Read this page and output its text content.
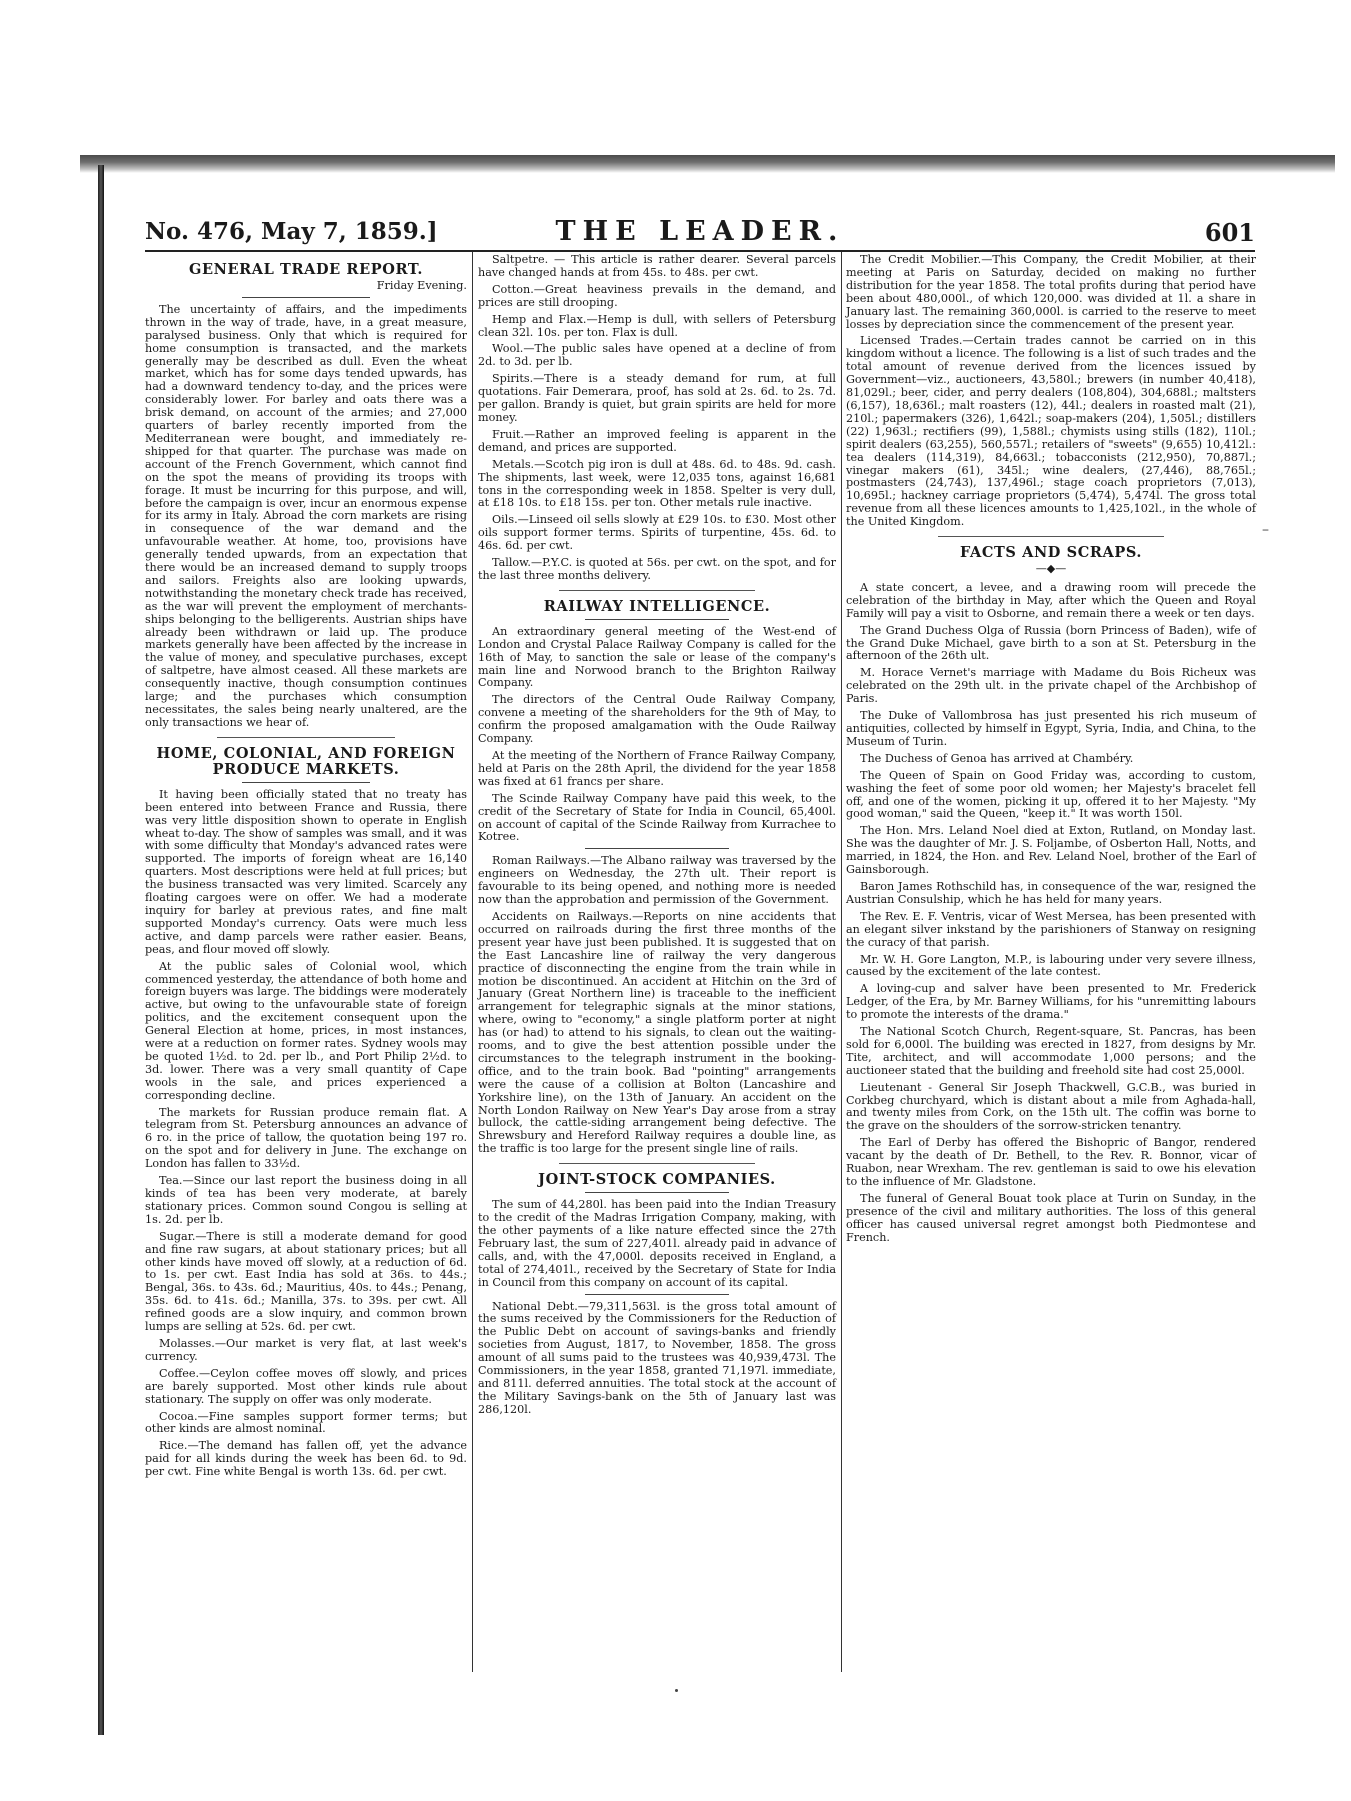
No. 476, May 7, 1859.]	THE LEADER.	601
GENERAL TRADE REPORT.
Friday Evening.

The uncertainty of affairs, and the impediments thrown in the way of trade, have, in a great measure, paralysed business. Only that which is required for home consumption is transacted, and the markets generally may be described as dull. Even the wheat market, which has for some days tended upwards, has had a downward tendency to-day, and the prices were considerably lower. For barley and oats there was a brisk demand, on account of the armies; and 27,000 quarters of barley recently imported from the Mediterranean were bought, and immediately re-shipped for that quarter. The purchase was made on account of the French Government, which cannot find on the spot the means of providing its troops with forage. It must be incurring for this purpose, and will, before the campaign is over, incur an enormous expense for its army in Italy. Abroad the corn markets are rising in consequence of the war demand and the unfavourable weather. At home, too, provisions have generally tended upwards, from an expectation that there would be an increased demand to supply troops and sailors. Freights also are looking upwards, notwithstanding the monetary check trade has received, as the war will prevent the employment of merchants-ships belonging to the belligerents. Austrian ships have already been withdrawn or laid up. The produce markets generally have been affected by the increase in the value of money, and speculative purchases, except of saltpetre, have almost ceased. All these markets are consequently inactive, though consumption continues large; and the purchases which consumption necessitates, the sales being nearly unaltered, are the only transactions we hear of.

HOME, COLONIAL, AND FOREIGN PRODUCE MARKETS.

It having been officially stated that no treaty has been entered into between France and Russia, there was very little disposition shown to operate in English wheat to-day. The show of samples was small, and it was with some difficulty that Monday's advanced rates were supported. The imports of foreign wheat are 16,140 quarters. Most descriptions were held at full prices; but the business transacted was very limited. Scarcely any floating cargoes were on offer. We had a moderate inquiry for barley at previous rates, and fine malt supported Monday's currency. Oats were much less active, and damp parcels were rather easier. Beans, peas, and flour moved off slowly.

At the public sales of Colonial wool, which commenced yesterday, the attendance of both home and foreign buyers was large. The biddings were moderately active, but owing to the unfavourable state of foreign politics, and the excitement consequent upon the General Election at home, prices, in most instances, were at a reduction on former rates. Sydney wools may be quoted 1½d. to 2d. per lb., and Port Philip 2½d. to 3d. lower. There was a very small quantity of Cape wools in the sale, and prices experienced a corresponding decline.

The markets for Russian produce remain flat. A telegram from St. Petersburg announces an advance of 6 ro. in the price of tallow, the quotation being 197 ro. on the spot and for delivery in June. The exchange on London has fallen to 33½d.

Tea.—Since our last report the business doing in all kinds of tea has been very moderate, at barely stationary prices. Common sound Congou is selling at 1s. 2d. per lb.

Sugar.—There is still a moderate demand for good and fine raw sugars, at about stationary prices; but all other kinds have moved off slowly, at a reduction of 6d. to 1s. per cwt. East India has sold at 36s. to 44s.; Bengal, 36s. to 43s. 6d.; Mauritius, 40s. to 44s.; Penang, 35s. 6d. to 41s. 6d.; Manilla, 37s. to 39s. per cwt. All refined goods are a slow inquiry, and common brown lumps are selling at 52s. 6d. per cwt.

Molasses.—Our market is very flat, at last week's currency.

Coffee.—Ceylon coffee moves off slowly, and prices are barely supported. Most other kinds rule about stationary. The supply on offer was only moderate.

Cocoa.—Fine samples support former terms; but other kinds are almost nominal.

Rice.—The demand has fallen off, yet the advance paid for all kinds during the week has been 6d. to 9d. per cwt. Fine white Bengal is worth 13s. 6d. per cwt.

Saltpetre. — This article is rather dearer. Several parcels have changed hands at from 45s. to 48s. per cwt.

Cotton.—Great heaviness prevails in the demand, and prices are still drooping.

Hemp and Flax.—Hemp is dull, with sellers of Petersburg clean 32l. 10s. per ton. Flax is dull.

Wool.—The public sales have opened at a decline of from 2d. to 3d. per lb.

Spirits.—There is a steady demand for rum, at full quotations. Fair Demerara, proof, has sold at 2s. 6d. to 2s. 7d. per gallon. Brandy is quiet, but grain spirits are held for more money.

Fruit.—Rather an improved feeling is apparent in the demand, and prices are supported.

Metals.—Scotch pig iron is dull at 48s. 6d. to 48s. 9d. cash. The shipments, last week, were 12,035 tons, against 16,681 tons in the corresponding week in 1858. Spelter is very dull, at £18 10s. to £18 15s. per ton. Other metals rule inactive.

Oils.—Linseed oil sells slowly at £29 10s. to £30. Most other oils support former terms. Spirits of turpentine, 45s. 6d. to 46s. 6d. per cwt.

Tallow.—P.Y.C. is quoted at 56s. per cwt. on the spot, and for the last three months delivery.

RAILWAY INTELLIGENCE.

An extraordinary general meeting of the West-end of London and Crystal Palace Railway Company is called for the 16th of May, to sanction the sale or lease of the company's main line and Norwood branch to the Brighton Railway Company.

The directors of the Central Oude Railway Company, convene a meeting of the shareholders for the 9th of May, to confirm the proposed amalgamation with the Oude Railway Company.

At the meeting of the Northern of France Railway Company, held at Paris on the 28th April, the dividend for the year 1858 was fixed at 61 francs per share.

The Scinde Railway Company have paid this week, to the credit of the Secretary of State for India in Council, 65,400l. on account of capital of the Scinde Railway from Kurrachee to Kotree.

Roman Railways.—The Albano railway was traversed by the engineers on Wednesday, the 27th ult. Their report is favourable to its being opened, and nothing more is needed now than the approbation and permission of the Government.

Accidents on Railways.—Reports on nine accidents that occurred on railroads during the first three months of the present year have just been published. It is suggested that on the East Lancashire line of railway the very dangerous practice of disconnecting the engine from the train while in motion be discontinued. An accident at Hitchin on the 3rd of January (Great Northern line) is traceable to the inefficient arrangement for telegraphic signals at the minor stations, where, owing to "economy," a single platform porter at night has (or had) to attend to his signals, to clean out the waiting-rooms, and to give the best attention possible under the circumstances to the telegraph instrument in the booking-office, and to the train book. Bad "pointing" arrangements were the cause of a collision at Bolton (Lancashire and Yorkshire line), on the 13th of January. An accident on the North London Railway on New Year's Day arose from a stray bullock, the cattle-siding arrangement being defective. The Shrewsbury and Hereford Railway requires a double line, as the traffic is too large for the present single line of rails.

JOINT-STOCK COMPANIES.

The sum of 44,280l. has been paid into the Indian Treasury to the credit of the Madras Irrigation Company, making, with the other payments of a like nature effected since the 27th February last, the sum of 227,401l. already paid in advance of calls, and, with the 47,000l. deposits received in England, a total of 274,401l., received by the Secretary of State for India in Council from this company on account of its capital.

National Debt.—79,311,563l. is the gross total amount of the sums received by the Commissioners for the Reduction of the Public Debt on account of savings-banks and friendly societies from August, 1817, to November, 1858. The gross amount of all sums paid to the trustees was 40,939,473l. The Commissioners, in the year 1858, granted 71,197l. immediate, and 811l. deferred annuities. The total stock at the account of the Military Savings-bank on the 5th of January last was 286,120l.

The Credit Mobilier.—This Company, the Credit Mobilier, at their meeting at Paris on Saturday, decided on making no further distribution for the year 1858. The total profits during that period have been about 480,000l., of which 120,000. was divided at 1l. a share in January last. The remaining 360,000l. is carried to the reserve to meet losses by depreciation since the commencement of the present year.

Licensed Trades.—Certain trades cannot be carried on in this kingdom without a licence. The following is a list of such trades and the total amount of revenue derived from the licences issued by Government—viz., auctioneers, 43,580l.; brewers (in number 40,418), 81,029l.; beer, cider, and perry dealers (108,804), 304,688l.; maltsters (6,157), 18,636l.; malt roasters (12), 44l.; dealers in roasted malt (21), 210l.; papermakers (326), 1,642l.; soap-makers (204), 1,505l.; distillers (22) 1,963l.; rectifiers (99), 1,588l.; chymists using stills (182), 110l.; spirit dealers (63,255), 560,557l.; retailers of "sweets" (9,655) 10,412l.: tea dealers (114,319), 84,663l.; tobacconists (212,950), 70,887l.; vinegar makers (61), 345l.; wine dealers, (27,446), 88,765l.; postmasters (24,743), 137,496l.; stage coach proprietors (7,013), 10,695l.; hackney carriage proprietors (5,474), 5,474l. The gross total revenue from all these licences amounts to 1,425,102l., in the whole of the United Kingdom.

FACTS AND SCRAPS.
—◆—

A state concert, a levee, and a drawing room will precede the celebration of the birthday in May, after which the Queen and Royal Family will pay a visit to Osborne, and remain there a week or ten days.

The Grand Duchess Olga of Russia (born Princess of Baden), wife of the Grand Duke Michael, gave birth to a son at St. Petersburg in the afternoon of the 26th ult.

M. Horace Vernet's marriage with Madame du Bois Richeux was celebrated on the 29th ult. in the private chapel of the Archbishop of Paris.

The Duke of Vallombrosa has just presented his rich museum of antiquities, collected by himself in Egypt, Syria, India, and China, to the Museum of Turin.

The Duchess of Genoa has arrived at Chambéry.

The Queen of Spain on Good Friday was, according to custom, washing the feet of some poor old women; her Majesty's bracelet fell off, and one of the women, picking it up, offered it to her Majesty. "My good woman," said the Queen, "keep it." It was worth 150l.

The Hon. Mrs. Leland Noel died at Exton, Rutland, on Monday last. She was the daughter of Mr. J. S. Foljambe, of Osberton Hall, Notts, and married, in 1824, the Hon. and Rev. Leland Noel, brother of the Earl of Gainsborough.

Baron James Rothschild has, in consequence of the war, resigned the Austrian Consulship, which he has held for many years.

The Rev. E. F. Ventris, vicar of West Mersea, has been presented with an elegant silver inkstand by the parishioners of Stanway on resigning the curacy of that parish.

Mr. W. H. Gore Langton, M.P., is labouring under very severe illness, caused by the excitement of the late contest.

A loving-cup and salver have been presented to Mr. Frederick Ledger, of the Era, by Mr. Barney Williams, for his "unremitting labours to promote the interests of the drama."

The National Scotch Church, Regent-square, St. Pancras, has been sold for 6,000l. The building was erected in 1827, from designs by Mr. Tite, architect, and will accommodate 1,000 persons; and the auctioneer stated that the building and freehold site had cost 25,000l.

Lieutenant - General Sir Joseph Thackwell, G.C.B., was buried in Corkbeg churchyard, which is distant about a mile from Aghada-hall, and twenty miles from Cork, on the 15th ult. The coffin was borne to the grave on the shoulders of the sorrow-stricken tenantry.

The Earl of Derby has offered the Bishopric of Bangor, rendered vacant by the death of Dr. Bethell, to the Rev. R. Bonnor, vicar of Ruabon, near Wrexham. The rev. gentleman is said to owe his elevation to the influence of Mr. Gladstone.

The funeral of General Bouat took place at Turin on Sunday, in the presence of the civil and military authorities. The loss of this general officer has caused universal regret amongst both Piedmontese and French.

–
